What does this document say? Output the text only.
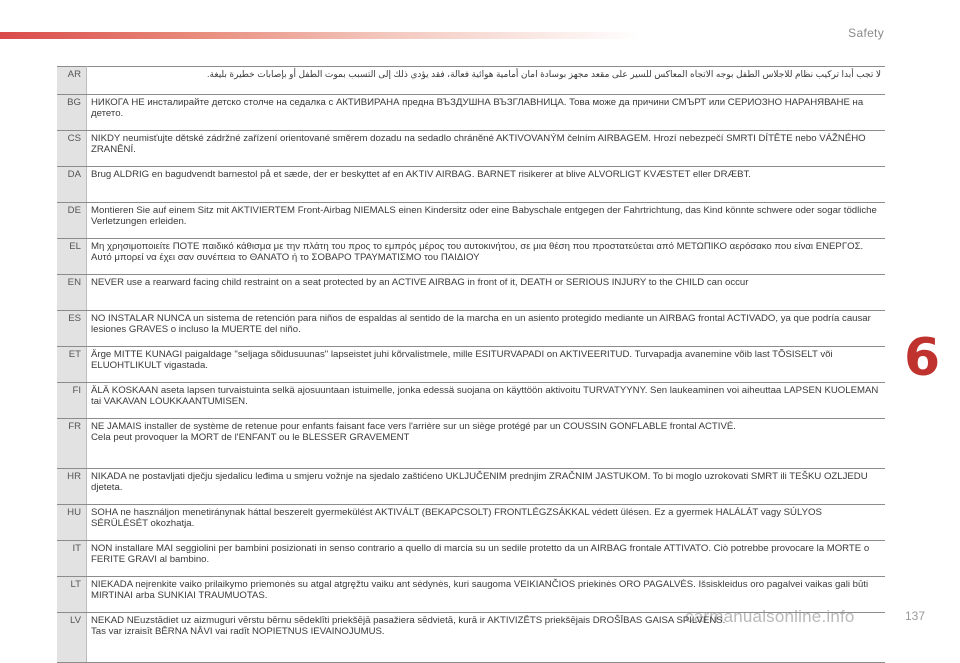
Safety
6
carmanualsonline.info	137
AR	لا تجب أبدا تركيب نظام للاجلاس الطفل بوجه الاتجاه المعاكس للسير على مقعد مجهز بوسادة امان أمامية هوائية فعالة، فقد يؤدي ذلك إلى التسبب بموت الطفل أو بإصابات خطيرة بليغة.
BG	НИКОГА НЕ инсталирайте детско столче на седалка с АКТИВИРАНА предна ВЪЗДУШНА ВЪЗГЛАВНИЦА. Това може да причини СМЪРТ или СЕРИОЗНО НАРАНЯВАНЕ на детето.
CS	NIKDY neumisťujte dětské zádržné zařízení orientované směrem dozadu na sedadlo chráněné AKTIVOVANÝM čelním AIRBAGEM. Hrozí nebezpečí SMRTI DÍTĚTE nebo VÁŽNÉHO ZRANĚNÍ.
DA	Brug ALDRIG en bagudvendt barnestol på et sæde, der er beskyttet af en AKTIV AIRBAG. BARNET risikerer at blive ALVORLIGT KVÆSTET eller DRÆBT.
DE	Montieren Sie auf einem Sitz mit AKTIVIERTEM Front-Airbag NIEMALS einen Kindersitz oder eine Babyschale entgegen der Fahrtrichtung, das Kind könnte schwere oder sogar tödliche Verletzungen erleiden.
EL	Μη χρησιμοποιείτε ΠΟΤΕ παιδικό κάθισμα με την πλάτη του προς το εμπρός μέρος του αυτοκινήτου, σε μια θέση που προστατεύεται από ΜΕΤΩΠΙΚΟ αερόσακο που είναι ΕΝΕΡΓΟΣ. Αυτό μπορεί να έχει σαν συνέπεια το ΘΑΝΑΤΟ ή το ΣΟΒΑΡΟ ΤΡΑΥΜΑΤΙΣΜΟ του ΠΑΙΔΙΟΥ
EN	NEVER use a rearward facing child restraint on a seat protected by an ACTIVE AIRBAG in front of it, DEATH or SERIOUS INJURY to the CHILD can occur
ES	NO INSTALAR NUNCA un sistema de retención para niños de espaldas al sentido de la marcha en un asiento protegido mediante un AIRBAG frontal ACTIVADO, ya que podría causar lesiones GRAVES o incluso la MUERTE del niño.
ET	Ärge MITTE KUNAGI paigaldage "seljaga sõidusuunas" lapseistet juhi kõrvalistmele, mille ESITURVAPADI on AKTIVEERITUD. Turvapadja avanemine võib last TÕSISELT või ELUOHTLIKULT vigastada.
FI	ÄLÄ KOSKAAN aseta lapsen turvaistuinta selkä ajosuuntaan istuimelle, jonka edessä suojana on käyttöön aktivoitu TURVATYYNY. Sen laukeaminen voi aiheuttaa LAPSEN KUOLEMAN tai VAKAVAN LOUKKAANTUMISEN.
FR	NE JAMAIS installer de système de retenue pour enfants faisant face vers l'arrière sur un siège protégé par un COUSSIN GONFLABLE frontal ACTIVÉ.
Cela peut provoquer la MORT de l'ENFANT ou le BLESSER GRAVEMENT

HR	NIKADA ne postavljati dječju sjedalicu leđima u smjeru vožnje na sjedalo zaštićeno UKLJUČENIM prednjim ZRAČNIM JASTUKOM. To bi moglo uzrokovati SMRT ili TEŠKU OZLJEDU djeteta.
HU	SOHA ne használjon menetiránynak háttal beszerelt gyermekülést AKTIVÁLT (BEKAPCSOLT) FRONTLÉGZSÁKKAL védett ülésen. Ez a gyermek HALÁLÁT vagy SÚLYOS SÉRÜLÉSÉT okozhatja.
IT	NON installare MAI seggiolini per bambini posizionati in senso contrario a quello di marcia su un sedile protetto da un AIRBAG frontale ATTIVATO. Ciò potrebbe provocare la MORTE o FERITE GRAVI al bambino.
LT	NIEKADA neįrenkite vaiko prilaikymo priemonės su atgal atgręžtu vaiku ant sėdynės, kuri saugoma VEIKIANČIOS priekinės ORO PAGALVĖS. Išsiskleidus oro pagalvei vaikas gali būti MIRTINAI arba SUNKIAI TRAUMUOTAS.
LV	NEKAD NEuzstādiet uz aizmuguri vērstu bērnu sēdeklīti priekšējā pasažiera sēdvietā, kurā ir AKTIVIZĒTS priekšējais DROŠĪBAS GAISA SPILVENS.
Tas var izraisīt BĒRNA NĀVI vai radīt NOPIETNUS IEVAINOJUMUS.
